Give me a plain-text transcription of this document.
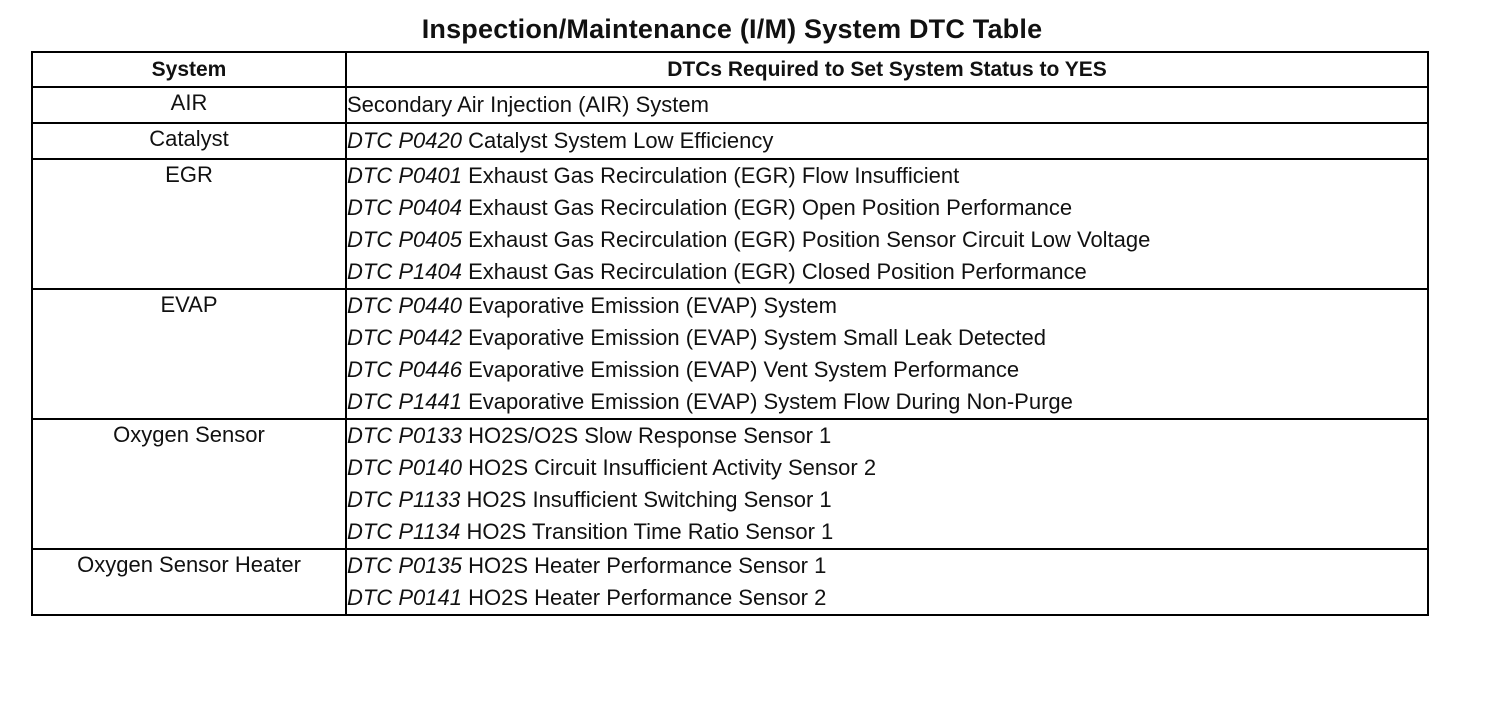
Inspection/Maintenance (I/M) System DTC Table
System	DTCs Required to Set System Status to YES
AIR	Secondary Air Injection (AIR) System

Catalyst	DTC P0420 Catalyst System Low Efficiency

EGR	DTC P0401 Exhaust Gas Recirculation (EGR) Flow Insufficient
DTC P0404 Exhaust Gas Recirculation (EGR) Open Position Performance
DTC P0405 Exhaust Gas Recirculation (EGR) Position Sensor Circuit Low Voltage
DTC P1404 Exhaust Gas Recirculation (EGR) Closed Position Performance

EVAP	DTC P0440 Evaporative Emission (EVAP) System
DTC P0442 Evaporative Emission (EVAP) System Small Leak Detected
DTC P0446 Evaporative Emission (EVAP) Vent System Performance
DTC P1441 Evaporative Emission (EVAP) System Flow During Non-Purge

Oxygen Sensor	DTC P0133 HO2S/O2S Slow Response Sensor 1
DTC P0140 HO2S Circuit Insufficient Activity Sensor 2
DTC P1133 HO2S Insufficient Switching Sensor 1
DTC P1134 HO2S Transition Time Ratio Sensor 1

Oxygen Sensor Heater	DTC P0135 HO2S Heater Performance Sensor 1
DTC P0141 HO2S Heater Performance Sensor 2
